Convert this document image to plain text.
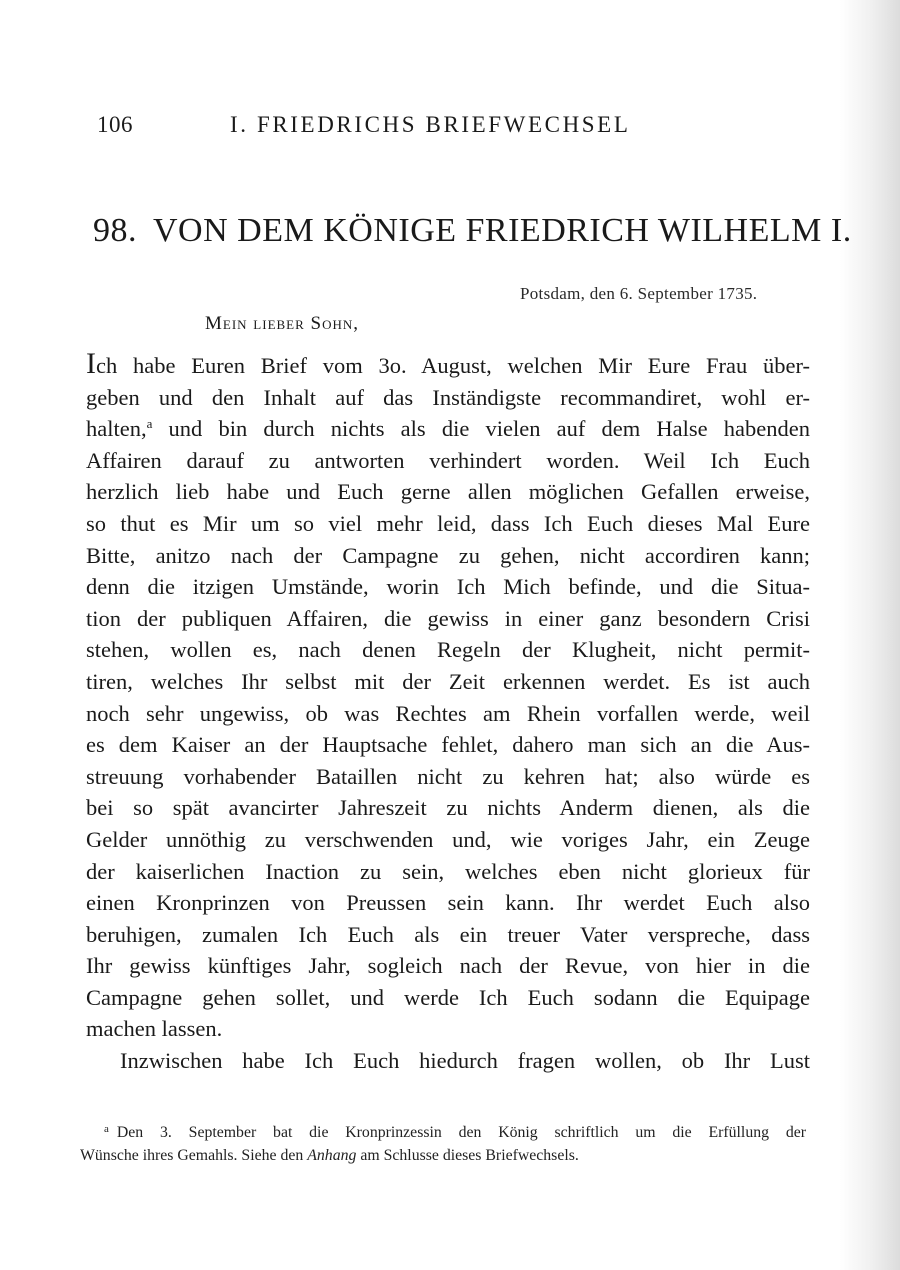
106	I. FRIEDRICHS BRIEFWECHSEL
98. VON DEM KÖNIGE FRIEDRICH WILHELM I.
Potsdam, den 6. September 1735.
Mein lieber Sohn,
Ich habe Euren Brief vom 3o. August, welchen Mir Eure Frau über-
geben und den Inhalt auf das Inständigste recommandiret, wohl er-
halten,$^a$ und bin durch nichts als die vielen auf dem Halse habenden
Affairen darauf zu antworten verhindert worden. Weil Ich Euch
herzlich lieb habe und Euch gerne allen möglichen Gefallen erweise,
so thut es Mir um so viel mehr leid, dass Ich Euch dieses Mal Eure
Bitte, anitzo nach der Campagne zu gehen, nicht accordiren kann;
denn die itzigen Umstände, worin Ich Mich befinde, und die Situa-
tion der publiquen Affairen, die gewiss in einer ganz besondern Crisi
stehen, wollen es, nach denen Regeln der Klugheit, nicht permit-
tiren, welches Ihr selbst mit der Zeit erkennen werdet. Es ist auch
noch sehr ungewiss, ob was Rechtes am Rhein vorfallen werde, weil
es dem Kaiser an der Hauptsache fehlet, dahero man sich an die Aus-
streuung vorhabender Bataillen nicht zu kehren hat; also würde es
bei so spät avancirter Jahreszeit zu nichts Anderm dienen, als die
Gelder unnöthig zu verschwenden und, wie voriges Jahr, ein Zeuge
der kaiserlichen Inaction zu sein, welches eben nicht glorieux für
einen Kronprinzen von Preussen sein kann. Ihr werdet Euch also
beruhigen, zumalen Ich Euch als ein treuer Vater verspreche, dass
Ihr gewiss künftiges Jahr, sogleich nach der Revue, von hier in die
Campagne gehen sollet, und werde Ich Euch sodann die Equipage
machen lassen.
Inzwischen habe Ich Euch hiedurch fragen wollen, ob Ihr Lust
$^a$ Den 3. September bat die Kronprinzessin den König schriftlich um die Erfüllung der
Wünsche ihres Gemahls. Siehe den Anhang am Schlusse dieses Briefwechsels.
